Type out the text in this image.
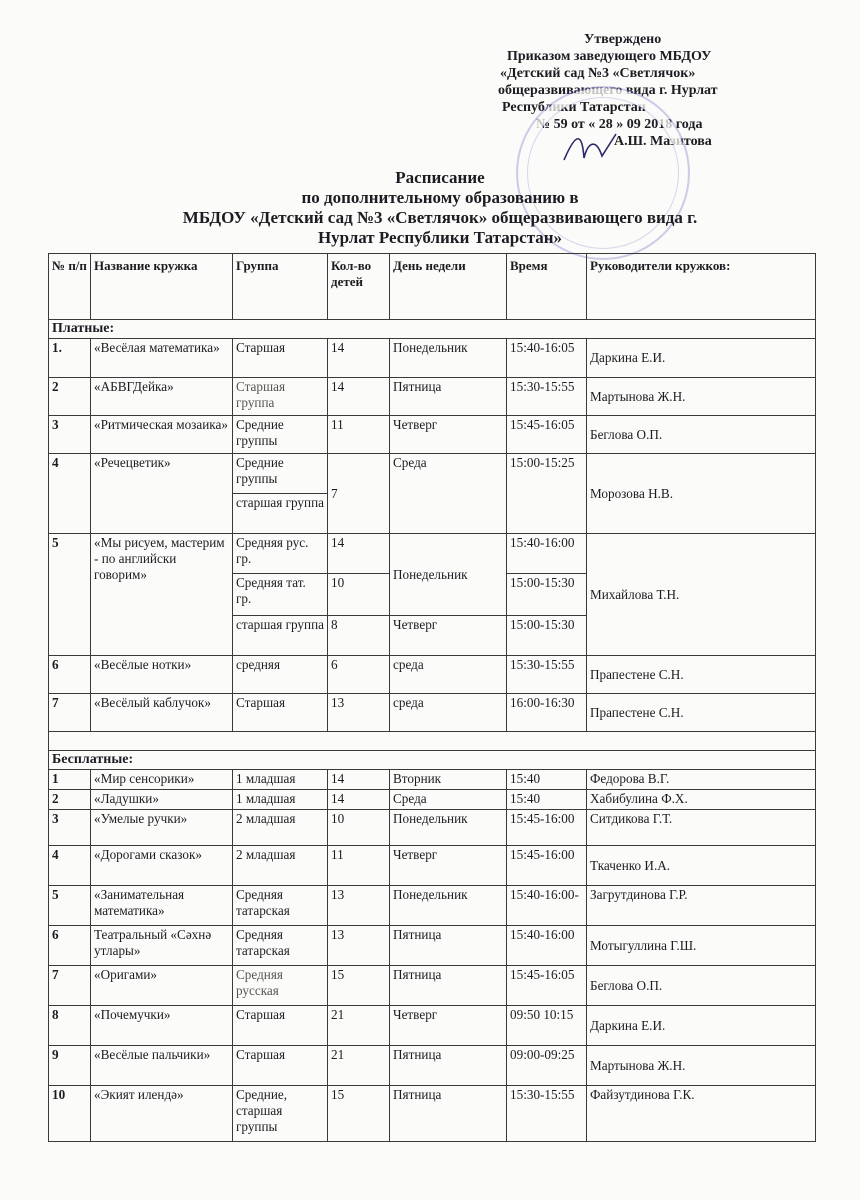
Утверждено
Приказом заведующего МБДОУ
«Детский сад №3 «Светлячок»
общеразвивающего вида г. Нурлат
Республики Татарстан
№ 59 от « 28 » 09 2018 года
А.Ш. Мазитова
Расписание
по дополнительному образованию в
МБДОУ «Детский сад №3 «Светлячок» общеразвивающего вида г.
Нурлат Республики Татарстан»
№ п/п	Название кружка	Группа	Кол-во детей	День недели	Время	Руководители кружков:
Платные:						
1.	«Весёлая математика»	Старшая	14	Понедельник	15:40-16:05	Даркина Е.И.
2	«АБВГДейка»	Старшая группа	14	Пятница	15:30-15:55	Мартынова Ж.Н.
3	«Ритмическая мозаика»	Средние группы	11	Четверг	15:45-16:05	Беглова О.П.
4	«Речецветик»	Средние группы	7	Среда	15:00-15:25	Морозова Н.В.
		старшая группа				
5	«Мы рисуем, мастерим - по английски говорим»	Средняя рус. гр.	14	Понедельник	15:40-16:00	Михайлова Т.Н.
		Средняя тат. гр.	10		15:00-15:30	
		старшая группа	8	Четверг	15:00-15:30	
6	«Весёлые нотки»	средняя	6	среда	15:30-15:55	Прапестене С.Н.
7	«Весёлый каблучок»	Старшая	13	среда	16:00-16:30	Прапестене С.Н.

Бесплатные:						
1	«Мир сенсорики»	1 младшая	14	Вторник	15:40	Федорова В.Г.
2	«Ладушки»	1 младшая	14	Среда	15:40	Хабибулина Ф.Х.
3	«Умелые ручки»	2 младшая	10	Понедельник	15:45-16:00	Ситдикова Г.Т.
4	«Дорогами сказок»	2 младшая	11	Четверг	15:45-16:00	Ткаченко И.А.
5	«Занимательная математика»	Средняя татарская	13	Понедельник	15:40-16:00-	Загрутдинова Г.Р.
6	Театральный «Сәхнә утлары»	Средняя татарская	13	Пятница	15:40-16:00	Мотыгуллина Г.Ш.
7	«Оригами»	Средняя русская	15	Пятница	15:45-16:05	Беглова О.П.
8	«Почемучки»	Старшая	21	Четверг	09:50 10:15	Даркина Е.И.
9	«Весёлые пальчики»	Старшая	21	Пятница	09:00-09:25	Мартынова Ж.Н.
10	«Экият илендә»	Средние, старшая группы	15	Пятница	15:30-15:55	Файзутдинова Г.К.
